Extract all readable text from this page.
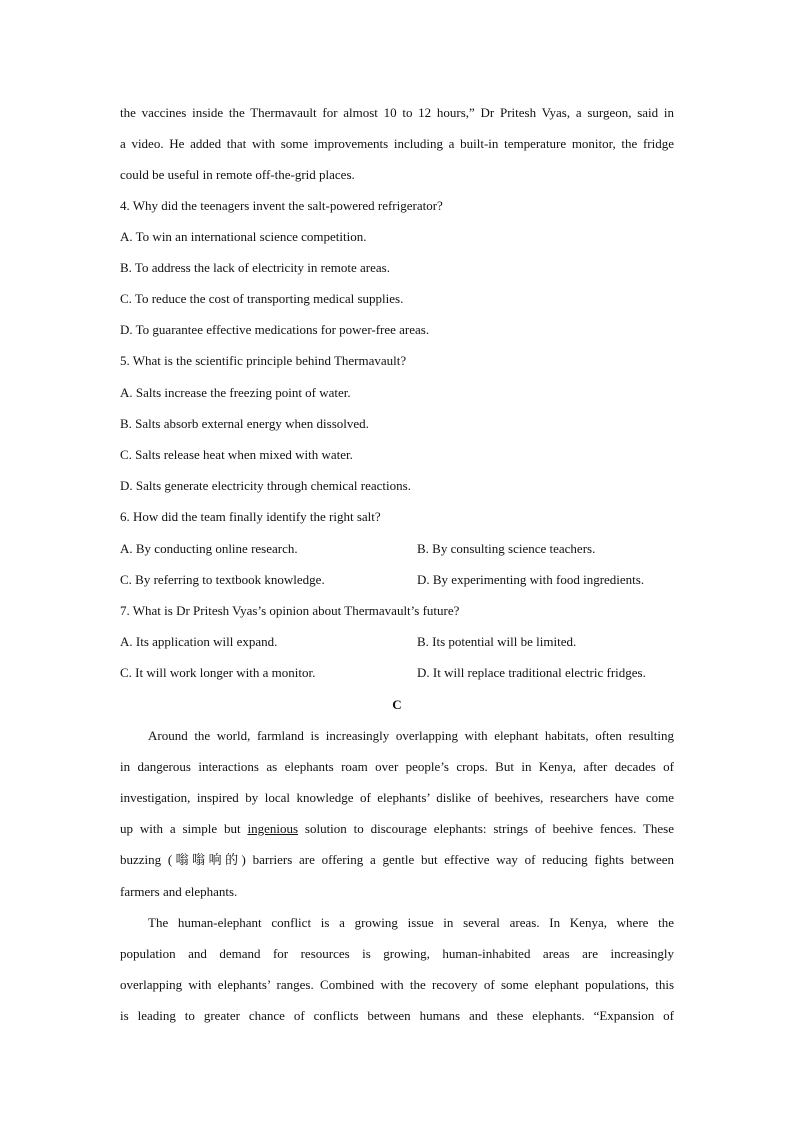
the vaccines inside the Thermavault for almost 10 to 12 hours,” Dr Pritesh Vyas, a surgeon, said in
a video. He added that with some improvements including a built-in temperature monitor, the fridge
could be useful in remote off-the-grid places.
4. Why did the teenagers invent the salt-powered refrigerator?
A. To win an international science competition.
B. To address the lack of electricity in remote areas.
C. To reduce the cost of transporting medical supplies.
D. To guarantee effective medications for power-free areas.
5. What is the scientific principle behind Thermavault?
A. Salts increase the freezing point of water.
B. Salts absorb external energy when dissolved.
C. Salts release heat when mixed with water.
D. Salts generate electricity through chemical reactions.
6. How did the team finally identify the right salt?
A. By conducting online research.	B. By consulting science teachers.
C. By referring to textbook knowledge.	D. By experimenting with food ingredients.
7. What is Dr Pritesh Vyas’s opinion about Thermavault’s future?
A. Its application will expand.	B. Its potential will be limited.
C. It will work longer with a monitor.	D. It will replace traditional electric fridges.
C
Around the world, farmland is increasingly overlapping with elephant habitats, often resulting
in dangerous interactions as elephants roam over people’s crops. But in Kenya, after decades of
investigation, inspired by local knowledge of elephants’ dislike of beehives, researchers have come
up with a simple but ingenious solution to discourage elephants: strings of beehive fences. These
buzzing (嗡嗡响的) barriers are offering a gentle but effective way of reducing fights between
farmers and elephants.
The human-elephant conflict is a growing issue in several areas. In Kenya, where the
population and demand for resources is growing, human-inhabited areas are increasingly
overlapping with elephants’ ranges. Combined with the recovery of some elephant populations, this
is leading to greater chance of conflicts between humans and these elephants. “Expansion of
